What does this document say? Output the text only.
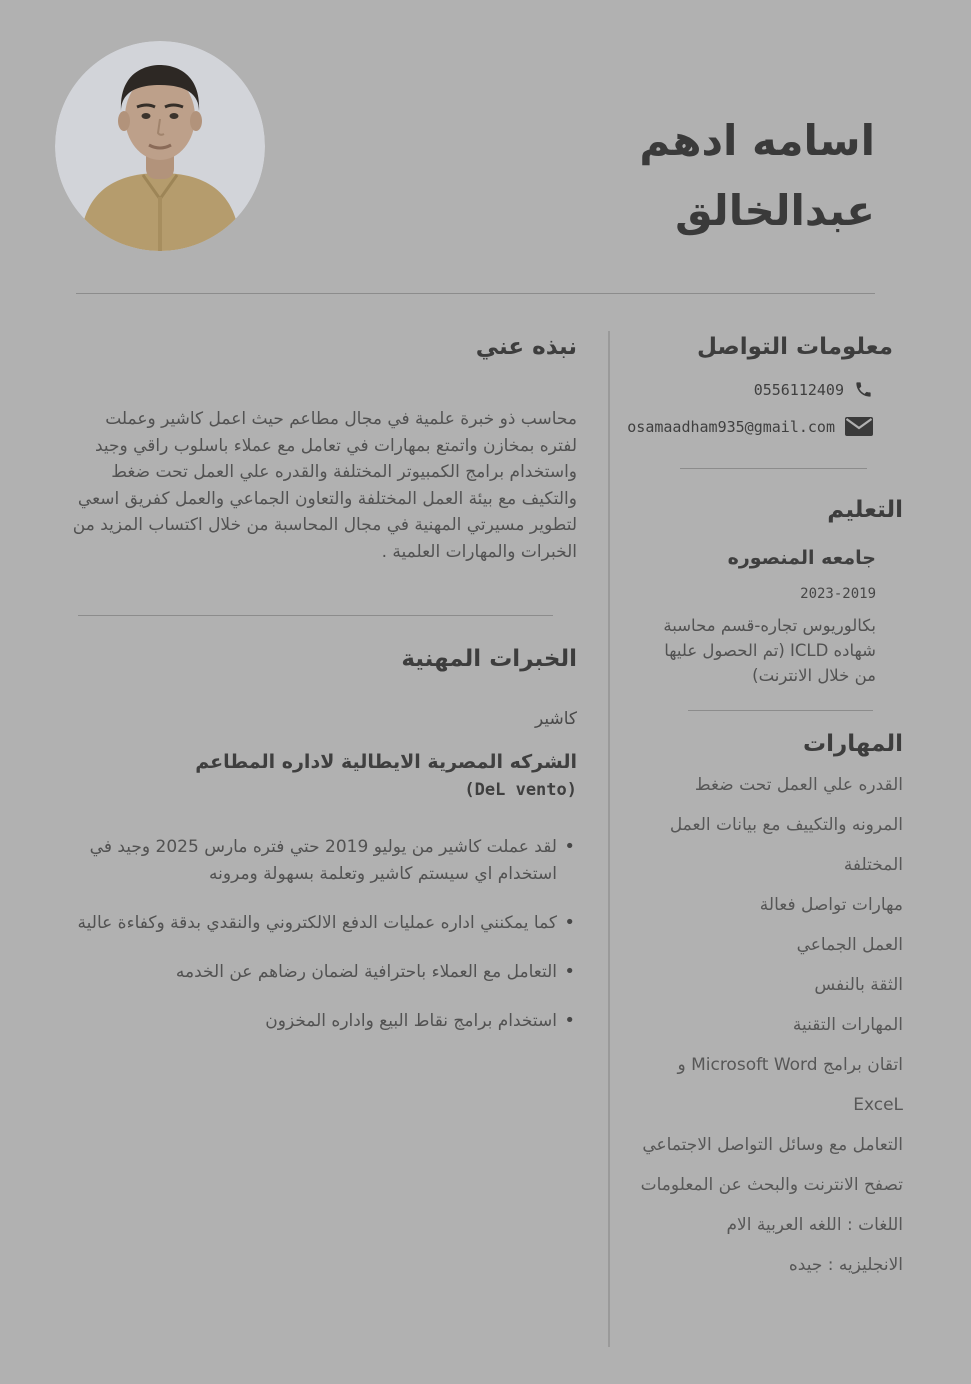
اسامه ادهم
عبدالخالق
نبذه عني

محاسب ذو خبرة علمية في مجال مطاعم حيث اعمل كاشير وعملت لفتره بمخازن واتمتع بمهارات في تعامل مع عملاء باسلوب راقي وجيد واستخدام برامج الكمبيوتر المختلفة والقدره علي العمل تحت ضغط والتكيف مع بيئة العمل المختلفة والتعاون الجماعي والعمل كفريق اسعي لتطوير مسيرتي المهنية في مجال المحاسبة من خلال اكتساب المزيد من الخبرات والمهارات العلمية .

الخبرات المهنية
كاشير
الشركه المصرية الايطالية لاداره المطاعم
(DeL vento)
• لقد عملت كاشير من يوليو 2019 حتي فتره مارس 2025 وجيد في استخدام اي سيستم كاشير وتعلمة بسهولة ومرونه
• كما يمكنني اداره عمليات الدفع الالكتروني والنقدي بدقة وكفاءة عالية
• التعامل مع العملاء باحترافية لضمان رضاهم عن الخدمه
• استخدام برامج نقاط البيع واداره المخزون
معلومات التواصل
0556112409
osamaadham935@gmail.com
التعليم
جامعه المنصوره
2023-2019
بكالوريوس تجاره-قسم محاسبة
شهاده ICLD (تم الحصول عليها من خلال الانترنت)
المهارات
القدره علي العمل تحت ضغط
المرونه والتكييف مع بيانات العمل المختلفة
مهارات تواصل فعالة
العمل الجماعي
الثقة بالنفس
المهارات التقنية
اتقان برامج Microsoft Word و ExceL
التعامل مع وسائل التواصل الاجتماعي
تصفح الانترنت والبحث عن المعلومات
اللغات : اللغه العربية الام
الانجليزيه : جيده
